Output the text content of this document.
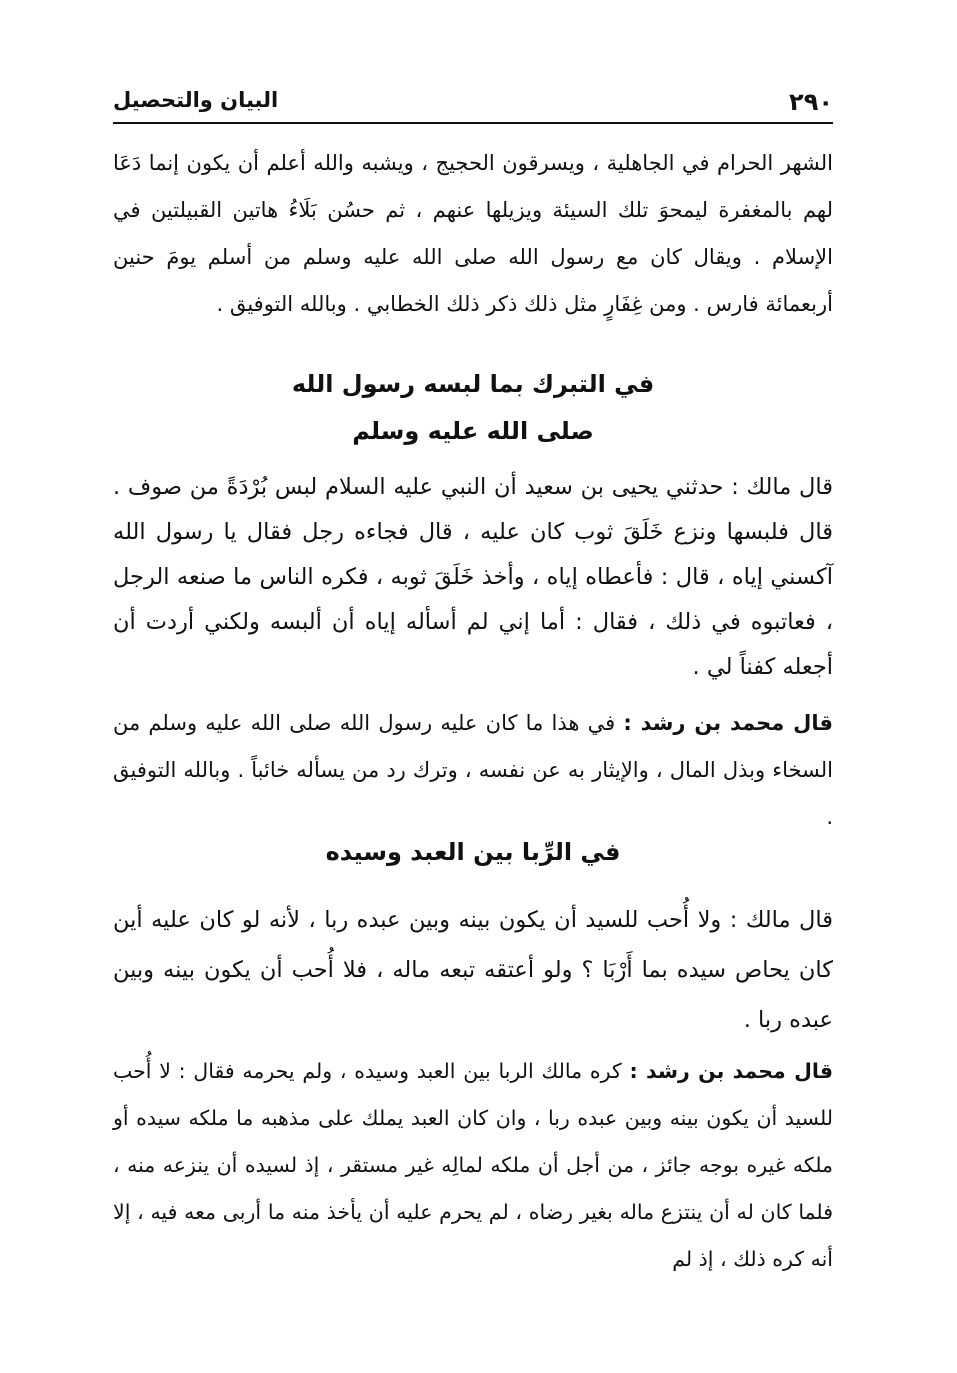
٢٩٠
البيان والتحصيل

الشهر الحرام في الجاهلية ، ويسرقون الحجيج ، ويشبه والله أعلم أن يكون إنما دَعَا لهم بالمغفرة ليمحوَ تلك السيئة ويزيلها عنهم ، ثم حسُن بَلَاءُ هاتين القبيلتين في الإسلام . ويقال كان مع رسول الله صلى الله عليه وسلم من أسلم يومَ حنين أربعمائة فارس . ومن غِفَارٍ مثل ذلك ذكر ذلك الخطابي . وبالله التوفيق .

في التبرك بما لبسه رسول الله
صلى الله عليه وسلم

قال مالك : حدثني يحيى بن سعيد أن النبي عليه السلام لبس بُرْدَةً من صوف . قال فلبسها ونزع خَلَقَ ثوب كان عليه ، قال فجاءه رجل فقال يا رسول الله آكسني إياه ، قال : فأعطاه إياه ، وأخذ خَلَقَ ثوبه ، فكره الناس ما صنعه الرجل ، فعاتبوه في ذلك ، فقال : أما إني لم أسأله إياه أن ألبسه ولكني أردت أن أجعله كفناً لي .

قال محمد بن رشد : في هذا ما كان عليه رسول الله صلى الله عليه وسلم من السخاء وبذل المال ، والإيثار به عن نفسه ، وترك رد من يسأله خائباً . وبالله التوفيق .

في الرِّبا بين العبد وسيده

قال مالك : ولا أُحب للسيد أن يكون بينه وبين عبده ربا ، لأنه لو كان عليه أين كان يحاص سيده بما أَرْبَا ؟ ولو أعتقه تبعه ماله ، فلا أُحب أن يكون بينه وبين عبده ربا .

قال محمد بن رشد : كره مالك الربا بين العبد وسيده ، ولم يحرمه فقال : لا أُحب للسيد أن يكون بينه وبين عبده ربا ، وان كان العبد يملك على مذهبه ما ملكه سيده أو ملكه غيره بوجه جائز ، من أجل أن ملكه لمالِه غير مستقر ، إذ لسيده أن ينزعه منه ، فلما كان له أن ينتزع ماله بغير رضاه ، لم يحرم عليه أن يأخذ منه ما أربى معه فيه ، إلا أنه كره ذلك ، إذ لم
